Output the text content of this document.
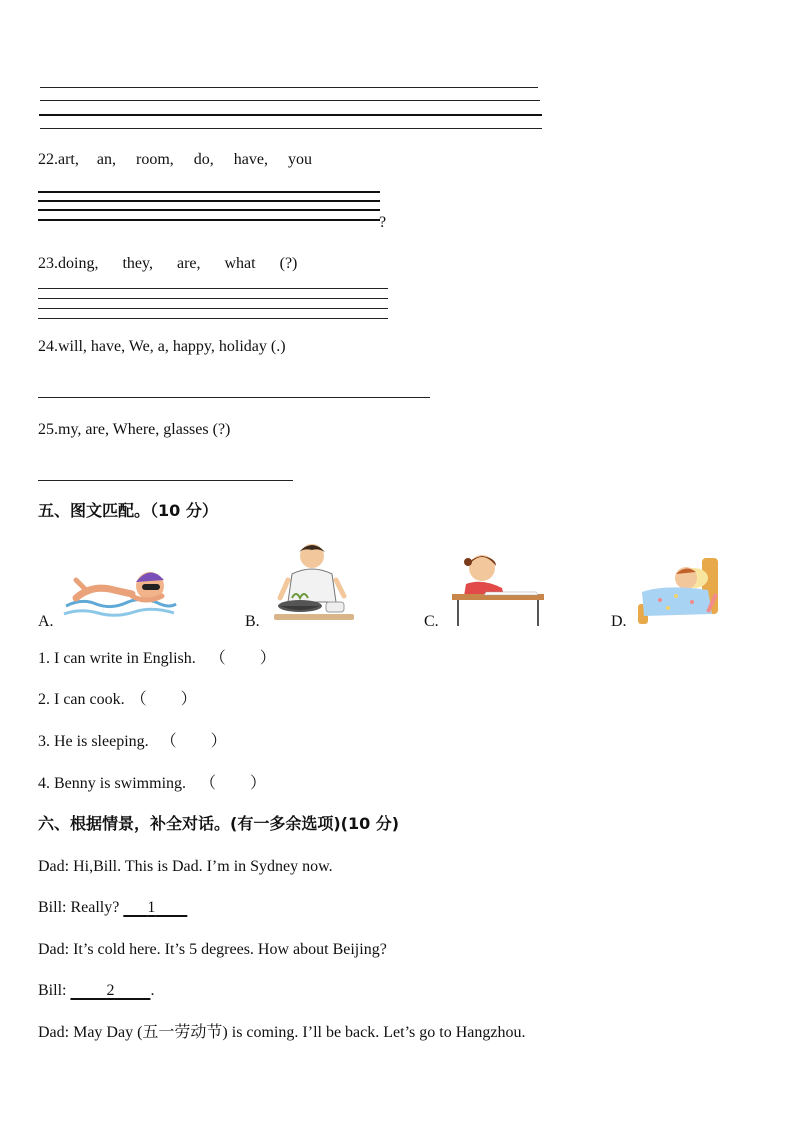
22.art, an, room, do, have, you
?
23.doing, they, are, what (?)
24.will, have, We, a, happy, holiday (.)
25.my, are, Where, glasses (?)
五、图文匹配。（10 分）
A.	B.	C.	D.
1. I can write in English. （ ）
2. I can cook. （ ）
3. He is sleeping. （ ）
4. Benny is swimming. （ ）
六、根据情景，补全对话。(有一多余选项)(10 分)
Dad: Hi,Bill. This is Dad. I’m in Sydney now.
Bill: Really?       1
Dad: It’s cold here. It’s 5 degrees. How about Beijing?
Bill:          2 .
Dad: May Day (五一劳动节) is coming. I’ll be back. Let’s go to Hangzhou.
